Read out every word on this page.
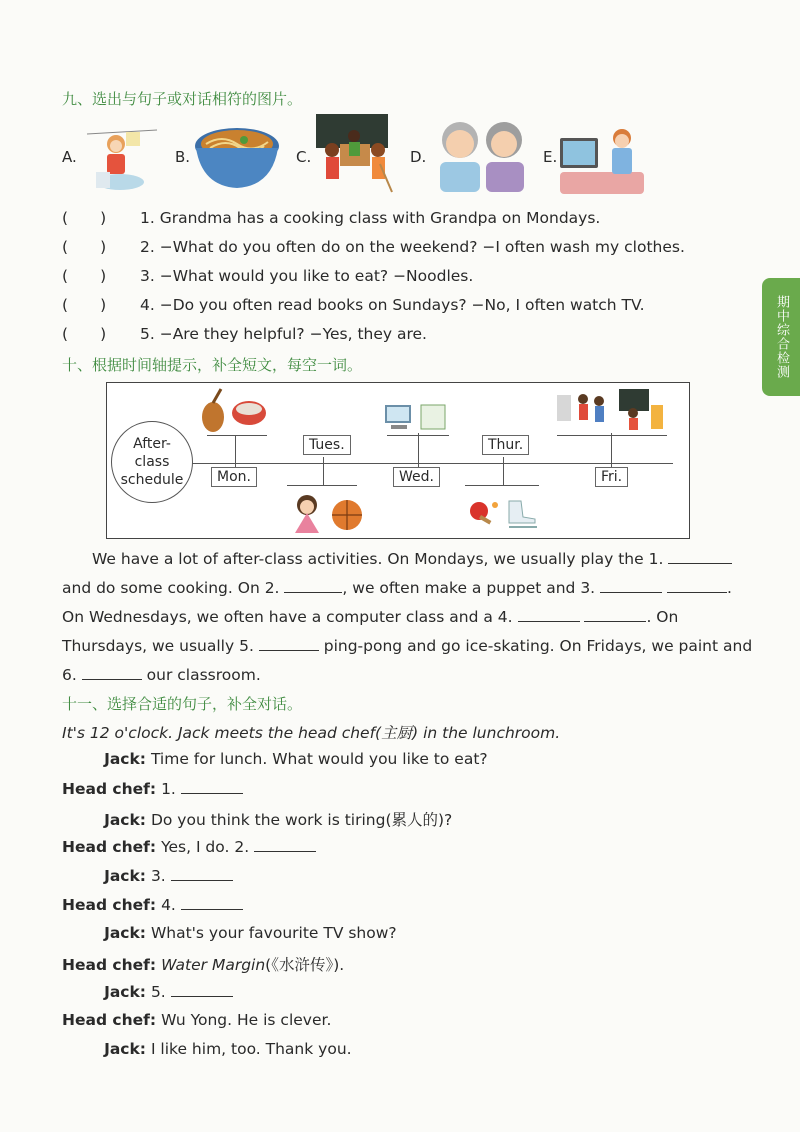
期中综合检测
九、选出与句子或对话相符的图片。
A.	B.	C.	D.	E.
( ) 1. Grandma has a cooking class with Grandpa on Mondays.
( ) 2. −What do you often do on the weekend? −I often wash my clothes.
( ) 3. −What would you like to eat? −Noodles.
( ) 4. −Do you often read books on Sundays? −No, I often watch TV.
( ) 5. −Are they helpful? −Yes, they are.
十、根据时间轴提示，补全短文，每空一词。
After-class schedule	Mon.
Tues.
Wed.
Thur.
Fri.
We have a lot of after-class activities. On Mondays, we usually play the 1.
and do some cooking. On 2.	, we often make a puppet and 3.	.
On Wednesdays, we often have a computer class and a 4.	. On
Thursdays, we usually 5.	ping-pong and go ice-skating. On Fridays, we paint and
6.	our classroom.
十一、选择合适的句子，补全对话。
It's 12 o'clock. Jack meets the head chef(主厨) in the lunchroom.
Jack: Time for lunch. What would you like to eat?
Head chef: 1.
Jack: Do you think the work is tiring(累人的)?
Head chef: Yes, I do. 2.
Jack: 3.
Head chef: 4.
Jack: What's your favourite TV show?
Head chef: Water Margin(《水浒传》).
Jack: 5.
Head chef: Wu Yong. He is clever.
Jack: I like him, too. Thank you.
